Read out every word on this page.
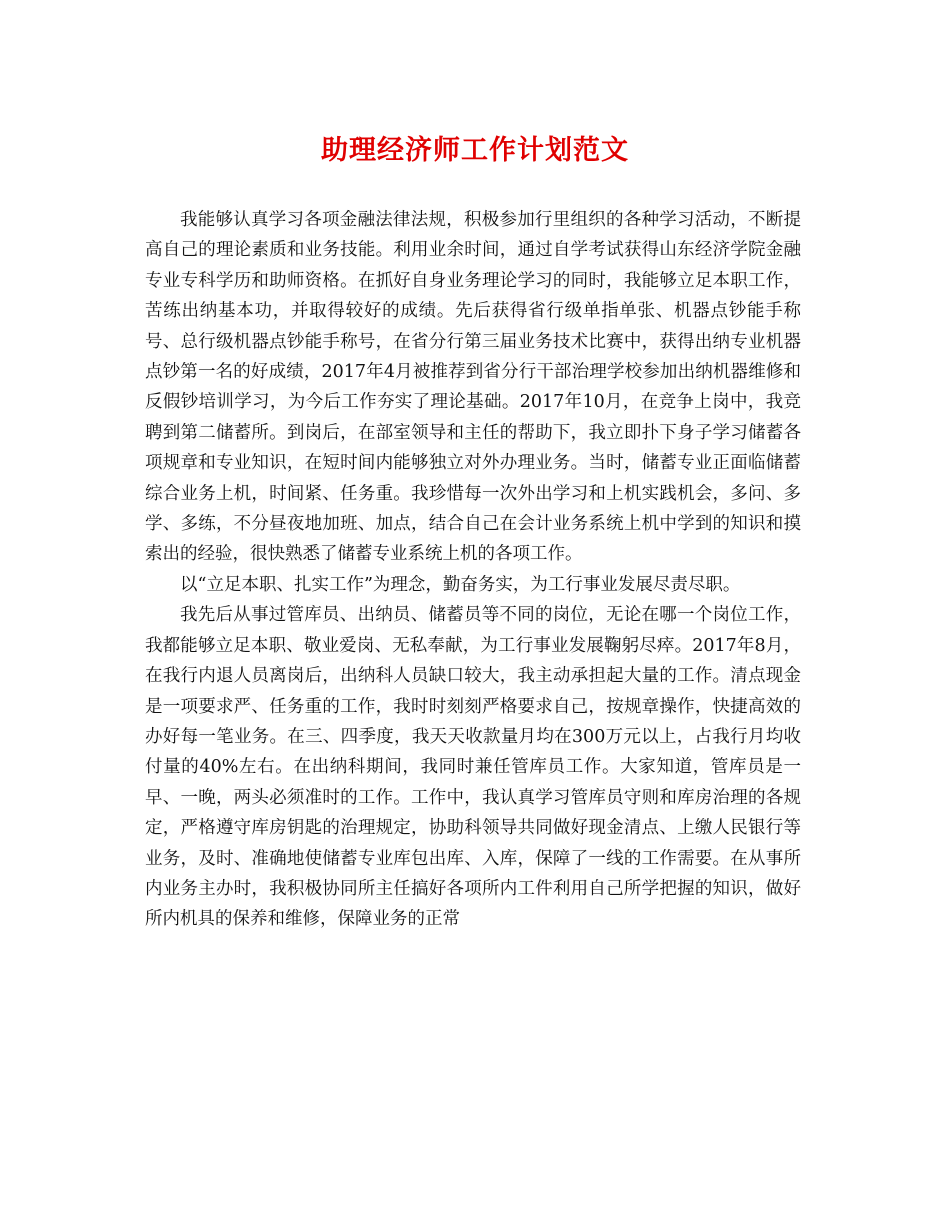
助理经济师工作计划范文

我能够认真学习各项金融法律法规，积极参加行里组织的各种学习活动，不断提高自己的理论素质和业务技能。利用业余时间，通过自学考试获得山东经济学院金融专业专科学历和助师资格。在抓好自身业务理论学习的同时，我能够立足本职工作，苦练出纳基本功，并取得较好的成绩。先后获得省行级单指单张、机器点钞能手称号、总行级机器点钞能手称号，在省分行第三届业务技术比赛中，获得出纳专业机器点钞第一名的好成绩，2017年4月被推荐到省分行干部治理学校参加出纳机器维修和反假钞培训学习，为今后工作夯实了理论基础。2017年10月，在竞争上岗中，我竞聘到第二储蓄所。到岗后，在部室领导和主任的帮助下，我立即扑下身子学习储蓄各项规章和专业知识，在短时间内能够独立对外办理业务。当时，储蓄专业正面临储蓄综合业务上机，时间紧、任务重。我珍惜每一次外出学习和上机实践机会，多问、多学、多练，不分昼夜地加班、加点，结合自己在会计业务系统上机中学到的知识和摸索出的经验，很快熟悉了储蓄专业系统上机的各项工作。

以“立足本职、扎实工作”为理念，勤奋务实，为工行事业发展尽责尽职。

我先后从事过管库员、出纳员、储蓄员等不同的岗位，无论在哪一个岗位工作，我都能够立足本职、敬业爱岗、无私奉献，为工行事业发展鞠躬尽瘁。2017年8月，在我行内退人员离岗后，出纳科人员缺口较大，我主动承担起大量的工作。清点现金是一项要求严、任务重的工作，我时时刻刻严格要求自己，按规章操作，快捷高效的办好每一笔业务。在三、四季度，我天天收款量月均在300万元以上，占我行月均收付量的40%左右。在出纳科期间，我同时兼任管库员工作。大家知道，管库员是一早、一晚，两头必须准时的工作。工作中，我认真学习管库员守则和库房治理的各规定，严格遵守库房钥匙的治理规定，协助科领导共同做好现金清点、上缴人民银行等业务，及时、准确地使储蓄专业库包出库、入库，保障了一线的工作需要。在从事所内业务主办时，我积极协同所主任搞好各项所内工件利用自己所学把握的知识，做好所内机具的保养和维修，保障业务的正常
